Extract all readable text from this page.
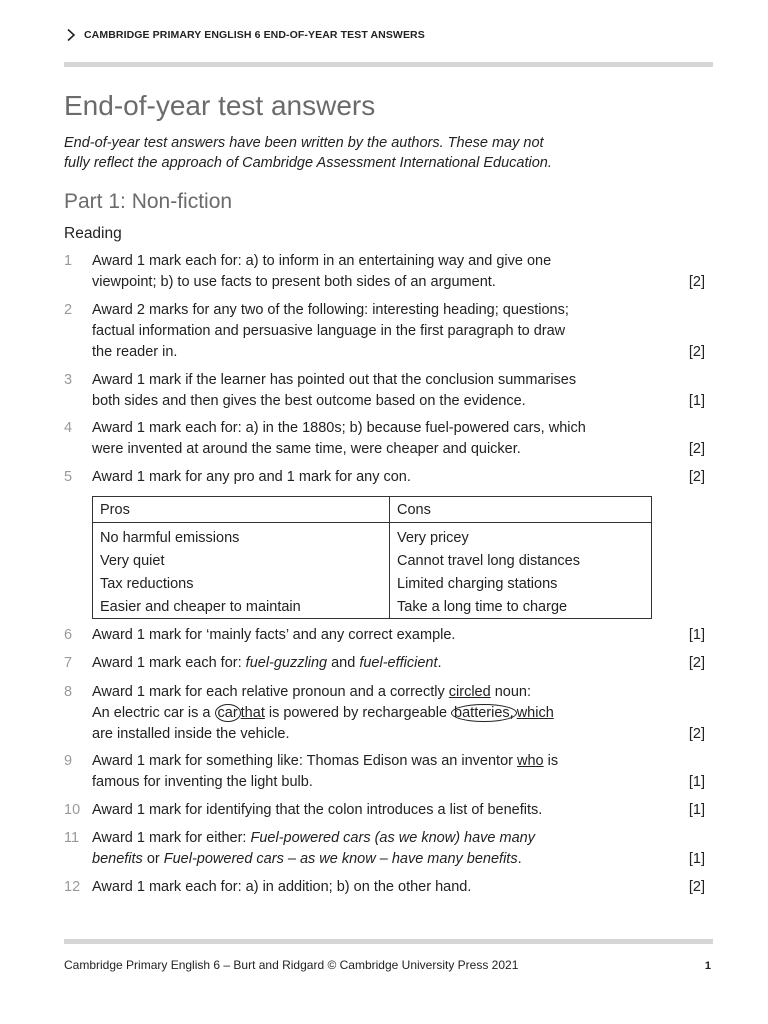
CAMBRIDGE PRIMARY ENGLISH 6 END-OF-YEAR TEST ANSWERS
End-of-year test answers
End-of-year test answers have been written by the authors. These may not
fully reflect the approach of Cambridge Assessment International Education.
Part 1: Non-fiction
Reading
1	Award 1 mark each for: a) to inform in an entertaining way and give one
viewpoint; b) to use facts to present both sides of an argument.	[2]
2	Award 2 marks for any two of the following: interesting heading; questions;
factual information and persuasive language in the first paragraph to draw
the reader in.	[2]
3	Award 1 mark if the learner has pointed out that the conclusion summarises
both sides and then gives the best outcome based on the evidence.	[1]
4	Award 1 mark each for: a) in the 1880s; b) because fuel-powered cars, which
were invented at around the same time, were cheaper and quicker.	[2]
5	Award 1 mark for any pro and 1 mark for any con.	[2]
Pros	Cons
No harmful emissions	Very pricey
Very quiet	Cannot travel long distances
Tax reductions	Limited charging stations
Easier and cheaper to maintain	Take a long time to charge
6	Award 1 mark for ‘mainly facts’ and any correct example.	[1]
7	Award 1 mark each for: fuel-guzzling and fuel-efficient.	[2]
8	Award 1 mark for each relative pronoun and a correctly circled noun:
An electric car is a car that is powered by rechargeable batteries, which
are installed inside the vehicle.	[2]
9	Award 1 mark for something like: Thomas Edison was an inventor who is
famous for inventing the light bulb.	[1]
10 Award 1 mark for identifying that the colon introduces a list of benefits.	[1]
11 Award 1 mark for either: Fuel-powered cars (as we know) have many
benefits or Fuel-powered cars – as we know – have many benefits.	[1]
12 Award 1 mark each for: a) in addition; b) on the other hand.	[2]
Cambridge Primary English 6 – Burt and Ridgard © Cambridge University Press 2021	1
